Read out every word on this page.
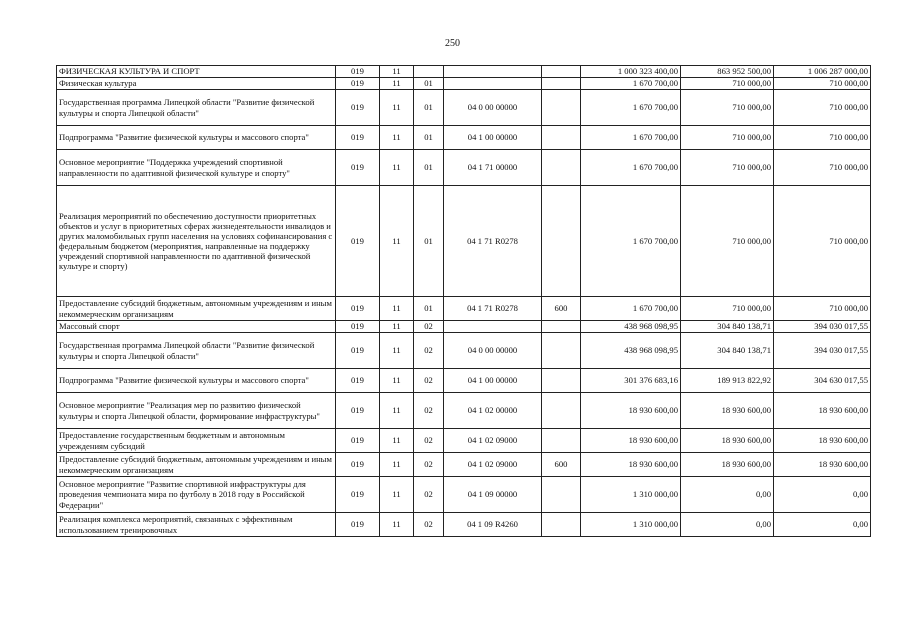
250
ФИЗИЧЕСКАЯ КУЛЬТУРА И СПОРТ	019	11				1 000 323 400,00	863 952 500,00	1 006 287 000,00
Физическая культура	019	11	01			1 670 700,00	710 000,00	710 000,00
Государственная программа Липецкой области "Развитие физической культуры и спорта Липецкой области"	019	11	01	04 0 00 00000		1 670 700,00	710 000,00	710 000,00
Подпрограмма "Развитие физической культуры и массового спорта"	019	11	01	04 1 00 00000		1 670 700,00	710 000,00	710 000,00
Основное мероприятие "Поддержка учреждений спортивной направленности по адаптивной физической культуре и спорту"	019	11	01	04 1 71 00000		1 670 700,00	710 000,00	710 000,00
Реализация мероприятий по обеспечению доступности приоритетных объектов и услуг в приоритетных сферах жизнедеятельности инвалидов и других маломобильных групп населения на условиях софинансирования с федеральным бюджетом (мероприятия, направленные на поддержку учреждений спортивной направленности по адаптивной физической культуре и спорту)	019	11	01	04 1 71 R0278		1 670 700,00	710 000,00	710 000,00
Предоставление субсидий бюджетным, автономным учреждениям и иным некоммерческим организациям	019	11	01	04 1 71 R0278	600	1 670 700,00	710 000,00	710 000,00
Массовый спорт	019	11	02			438 968 098,95	304 840 138,71	394 030 017,55
Государственная программа Липецкой области "Развитие физической культуры и спорта Липецкой области"	019	11	02	04 0 00 00000		438 968 098,95	304 840 138,71	394 030 017,55
Подпрограмма "Развитие физической культуры и массового спорта"	019	11	02	04 1 00 00000		301 376 683,16	189 913 822,92	304 630 017,55
Основное мероприятие "Реализация мер по развитию физической культуры и спорта Липецкой области, формирование инфраструктуры"	019	11	02	04 1 02 00000		18 930 600,00	18 930 600,00	18 930 600,00
Предоставление государственным бюджетным и автономным учреждениям субсидий	019	11	02	04 1 02 09000		18 930 600,00	18 930 600,00	18 930 600,00
Предоставление субсидий бюджетным, автономным учреждениям и иным некоммерческим организациям	019	11	02	04 1 02 09000	600	18 930 600,00	18 930 600,00	18 930 600,00
Основное мероприятие "Развитие спортивной инфраструктуры для проведения чемпионата мира по футболу в 2018 году в Российской Федерации"	019	11	02	04 1 09 00000		1 310 000,00	0,00	0,00
Реализация комплекса мероприятий, связанных с эффективным использованием тренировочных	019	11	02	04 1 09 R4260		1 310 000,00	0,00	0,00
